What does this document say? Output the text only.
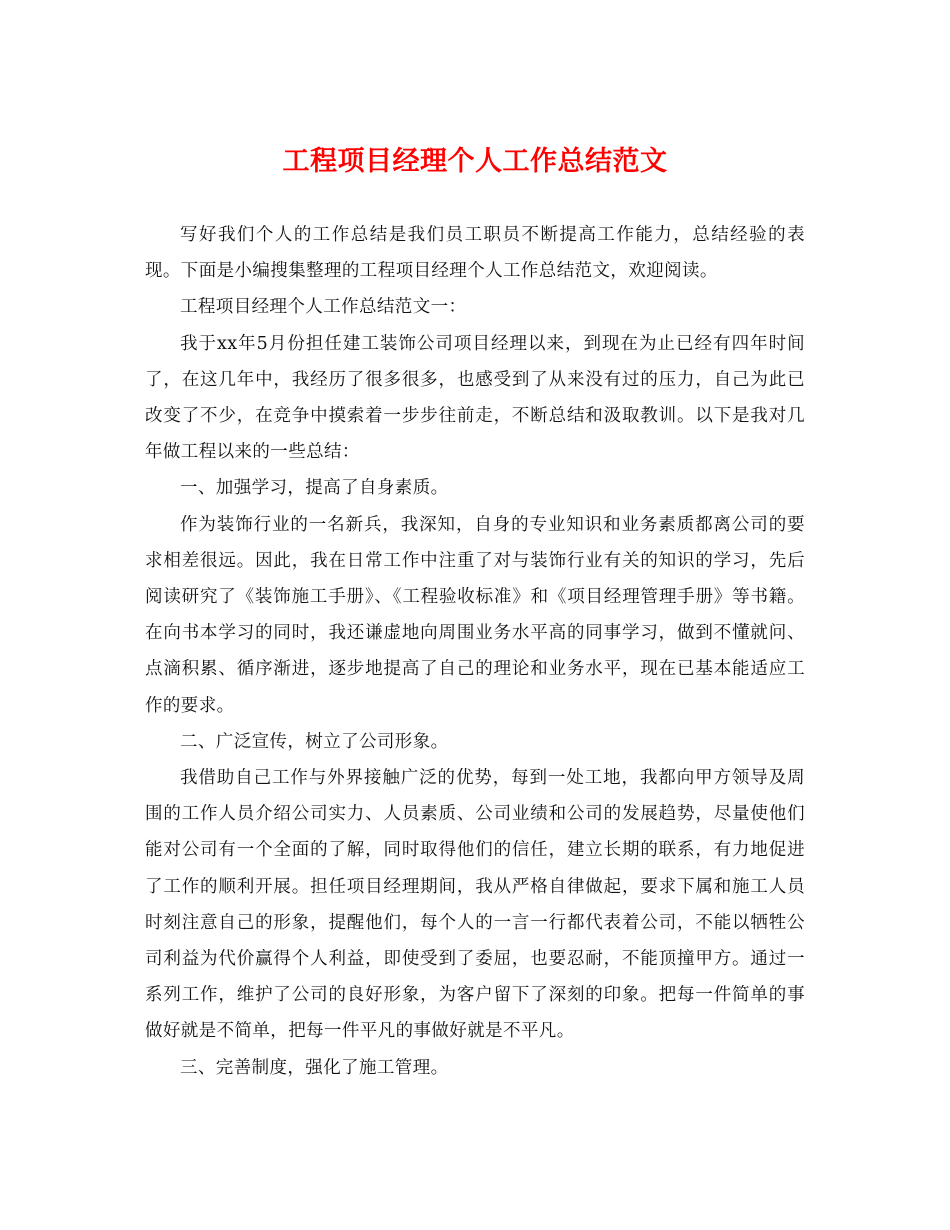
工程项目经理个人工作总结范文

写好我们个人的工作总结是我们员工职员不断提高工作能力，总结经验的表现。下面是小编搜集整理的工程项目经理个人工作总结范文，欢迎阅读。

工程项目经理个人工作总结范文一：

我于xx年5月份担任建工装饰公司项目经理以来，到现在为止已经有四年时间了，在这几年中，我经历了很多很多，也感受到了从来没有过的压力，自己为此已改变了不少，在竞争中摸索着一步步往前走，不断总结和汲取教训。以下是我对几年做工程以来的一些总结：

一、加强学习，提高了自身素质。

作为装饰行业的一名新兵，我深知，自身的专业知识和业务素质都离公司的要求相差很远。因此，我在日常工作中注重了对与装饰行业有关的知识的学习，先后阅读研究了《装饰施工手册》、《工程验收标准》和《项目经理管理手册》等书籍。在向书本学习的同时，我还谦虚地向周围业务水平高的同事学习，做到不懂就问、点滴积累、循序渐进，逐步地提高了自己的理论和业务水平，现在已基本能适应工作的要求。

二、广泛宣传，树立了公司形象。

我借助自己工作与外界接触广泛的优势，每到一处工地，我都向甲方领导及周围的工作人员介绍公司实力、人员素质、公司业绩和公司的发展趋势，尽量使他们能对公司有一个全面的了解，同时取得他们的信任，建立长期的联系，有力地促进了工作的顺利开展。担任项目经理期间，我从严格自律做起，要求下属和施工人员时刻注意自己的形象，提醒他们，每个人的一言一行都代表着公司，不能以牺牲公司利益为代价赢得个人利益，即使受到了委屈，也要忍耐，不能顶撞甲方。通过一系列工作，维护了公司的良好形象，为客户留下了深刻的印象。把每一件简单的事做好就是不简单，把每一件平凡的事做好就是不平凡。

三、完善制度，强化了施工管理。
